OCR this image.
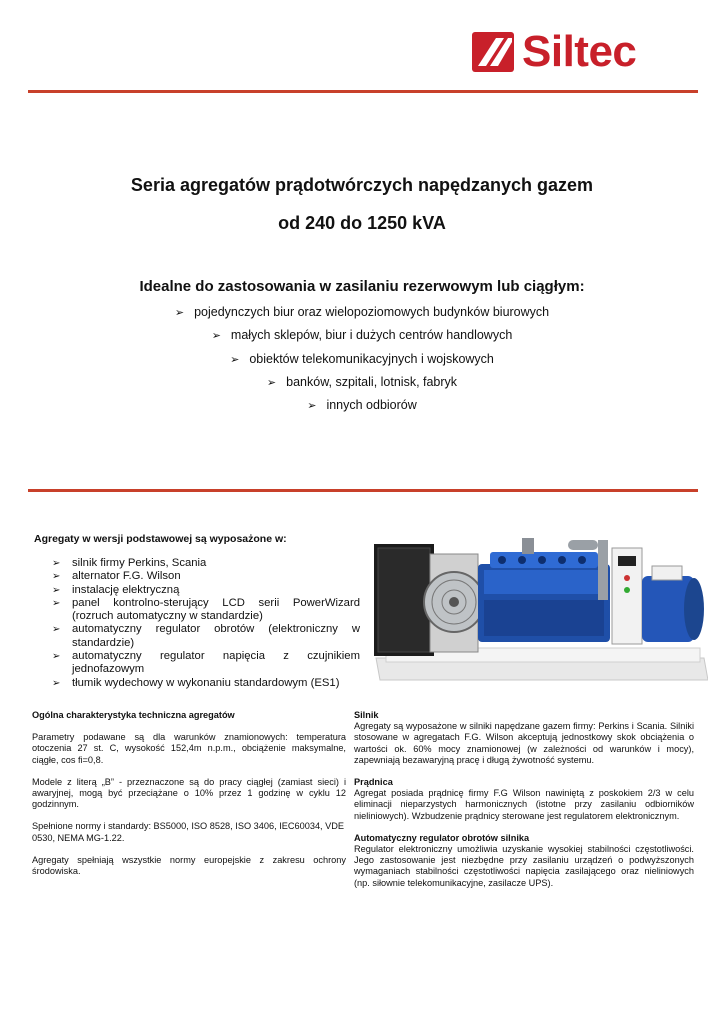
Siltec
Seria agregatów prądotwórczych napędzanych gazem
od 240 do 1250 kVA
Idealne do zastosowania w zasilaniu rezerwowym lub ciągłym:
➢ pojedynczych biur oraz wielopoziomowych budynków biurowych
➢ małych sklepów, biur i dużych centrów handlowych
➢ obiektów telekomunikacyjnych i wojskowych
➢ banków, szpitali, lotnisk, fabryk
➢ innych odbiorów
Agregaty w wersji podstawowej są wyposażone w:
➢ silnik firmy Perkins, Scania
➢ alternator F.G. Wilson
➢ instalację elektryczną
➢ panel kontrolno-sterujący LCD serii PowerWizard (rozruch automatyczny w standardzie)
➢ automatyczny regulator obrotów (elektroniczny w standardzie)
➢ automatyczny regulator napięcia z czujnikiem jednofazowym
➢ tłumik wydechowy w wykonaniu standardowym (ES1)

Ogólna charakterystyka techniczna agregatów

Parametry podawane są dla warunków znamionowych: temperatura otoczenia 27 st. C, wysokość 152,4m n.p.m., obciążenie maksymalne, ciągłe, cos fi=0,8.

Modele z literą „B” - przeznaczone są do pracy ciągłej (zamiast sieci) i awaryjnej, mogą być przeciążane o 10% przez 1 godzinę w cyklu 12 godzinnym.

Spełnione normy i standardy: BS5000, ISO 8528, ISO 3406, IEC60034, VDE 0530, NEMA MG-1.22.

Agregaty spełniają wszystkie normy europejskie z zakresu ochrony środowiska.

Silnik

Agregaty są wyposażone w silniki napędzane gazem firmy: Perkins i Scania. Silniki stosowane w agregatach F.G. Wilson akceptują jednostkowy skok obciążenia o wartości ok. 60% mocy znamionowej (w zależności od warunków i mocy), zapewniają bezawaryjną pracę i długą żywotność systemu.

Prądnica

Agregat posiada prądnicę firmy F.G Wilson nawiniętą z poskokiem 2/3 w celu eliminacji nieparzystych harmonicznych (istotne przy zasilaniu odbiorników nieliniowych). Wzbudzenie prądnicy sterowane jest regulatorem elektronicznym.

Automatyczny regulator obrotów silnika

Regulator elektroniczny umożliwia uzyskanie wysokiej stabilności częstotliwości. Jego zastosowanie jest niezbędne przy zasilaniu urządzeń o podwyższonych wymaganiach stabilności częstotliwości napięcia zasilającego oraz nieliniowych (np. siłownie telekomunikacyjne, zasilacze UPS).
